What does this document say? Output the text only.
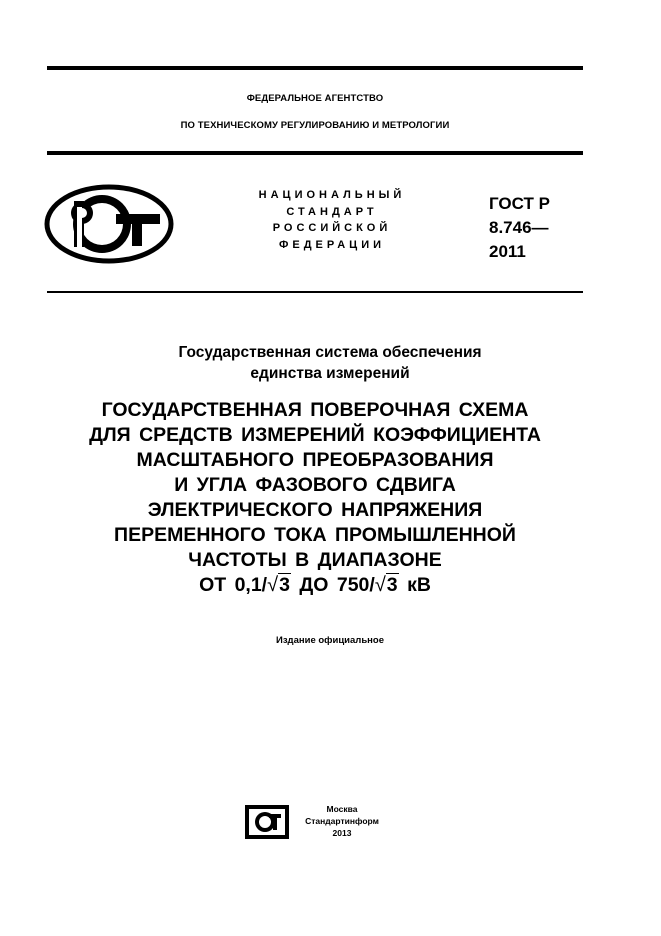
ФЕДЕРАЛЬНОЕ АГЕНТСТВО
ПО ТЕХНИЧЕСКОМУ РЕГУЛИРОВАНИЮ И МЕТРОЛОГИИ
НАЦИОНАЛЬНЫЙ
СТАНДАРТ
РОССИЙСКОЙ
ФЕДЕРАЦИИ
ГОСТ Р
8.746—
2011
Государственная система обеспечения
единства измерений
ГОСУДАРСТВЕННАЯ ПОВЕРОЧНАЯ СХЕМА
ДЛЯ СРЕДСТВ ИЗМЕРЕНИЙ КОЭФФИЦИЕНТА
МАСШТАБНОГО ПРЕОБРАЗОВАНИЯ
И УГЛА ФАЗОВОГО СДВИГА
ЭЛЕКТРИЧЕСКОГО НАПРЯЖЕНИЯ
ПЕРЕМЕННОГО ТОКА ПРОМЫШЛЕННОЙ
ЧАСТОТЫ В ДИАПАЗОНЕ
ОТ 0,1/√3 ДО 750/√3 кВ
Издание официальное
Москва
Стандартинформ
2013
